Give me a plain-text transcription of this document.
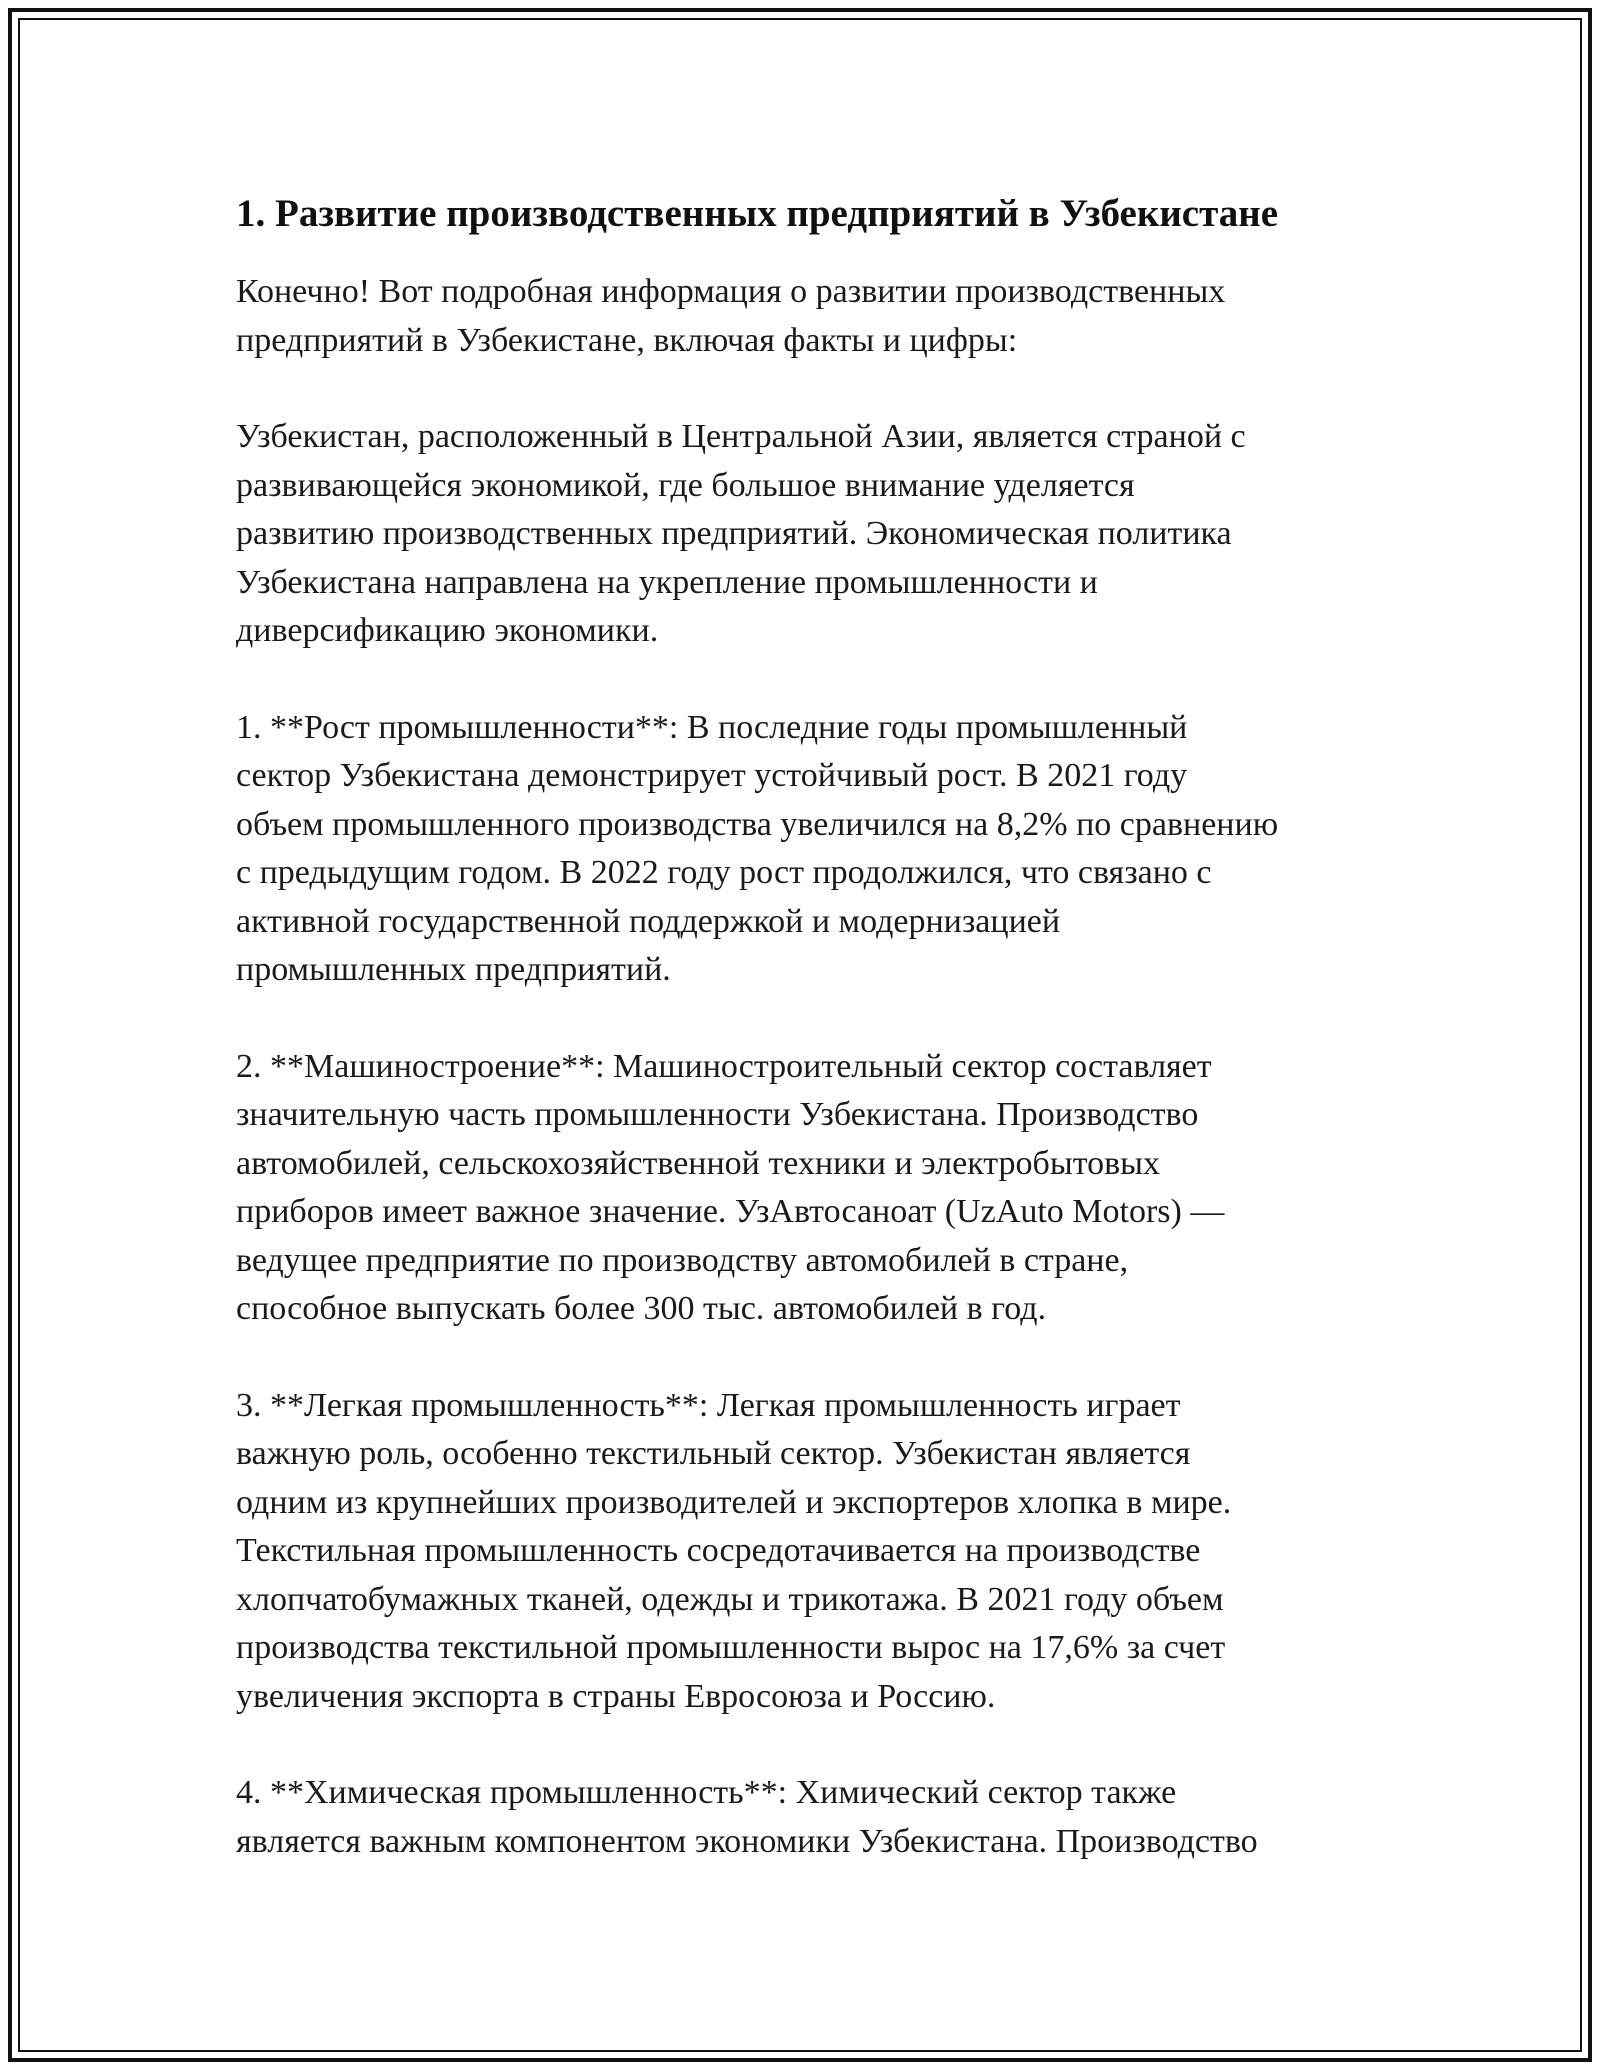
1. Развитие производственных предприятий в Узбекистане

Конечно! Вот подробная информация о развитии производственных
предприятий в Узбекистане, включая факты и цифры:

Узбекистан, расположенный в Центральной Азии, является страной с
развивающейся экономикой, где большое внимание уделяется
развитию производственных предприятий. Экономическая политика
Узбекистана направлена на укрепление промышленности и
диверсификацию экономики.

1. **Рост промышленности**: В последние годы промышленный
сектор Узбекистана демонстрирует устойчивый рост. В 2021 году
объем промышленного производства увеличился на 8,2% по сравнению
с предыдущим годом. В 2022 году рост продолжился, что связано с
активной государственной поддержкой и модернизацией
промышленных предприятий.

2. **Машиностроение**: Машиностроительный сектор составляет
значительную часть промышленности Узбекистана. Производство
автомобилей, сельскохозяйственной техники и электробытовых
приборов имеет важное значение. УзАвтосаноат (UzAuto Motors) —
ведущее предприятие по производству автомобилей в стране,
способное выпускать более 300 тыс. автомобилей в год.

3. **Легкая промышленность**: Легкая промышленность играет
важную роль, особенно текстильный сектор. Узбекистан является
одним из крупнейших производителей и экспортеров хлопка в мире.
Текстильная промышленность сосредотачивается на производстве
хлопчатобумажных тканей, одежды и трикотажа. В 2021 году объем
производства текстильной промышленности вырос на 17,6% за счет
увеличения экспорта в страны Евросоюза и Россию.

4. **Химическая промышленность**: Химический сектор также
является важным компонентом экономики Узбекистана. Производство
